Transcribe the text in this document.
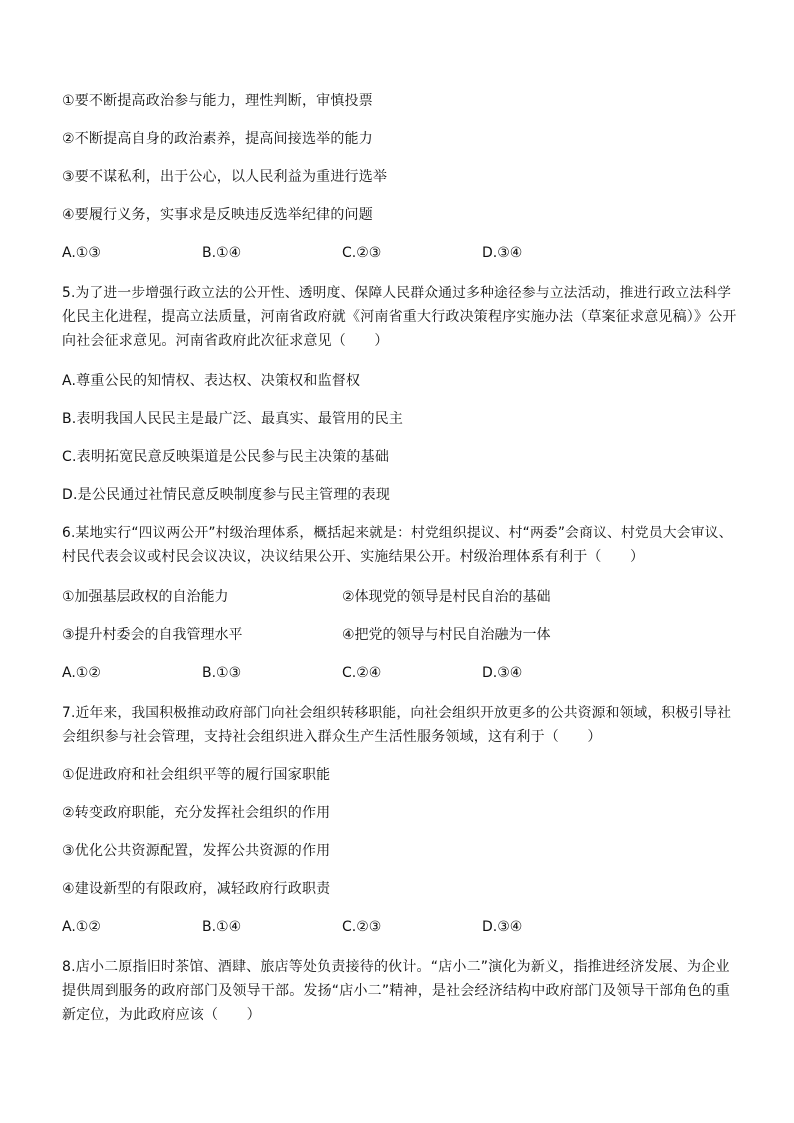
①要不断提高政治参与能力，理性判断，审慎投票
②不断提高自身的政治素养，提高间接选举的能力
③要不谋私利，出于公心，以人民利益为重进行选举
④要履行义务，实事求是反映违反选举纪律的问题
A.①③	B.①④	C.②③	D.③④
5.为了进一步增强行政立法的公开性、透明度、保障人民群众通过多种途径参与立法活动，推进行政立法科学
化民主化进程，提高立法质量，河南省政府就《河南省重大行政决策程序实施办法（草案征求意见稿）》公开
向社会征求意见。河南省政府此次征求意见（　　）
A.尊重公民的知情权、表达权、决策权和监督权
B.表明我国人民民主是最广泛、最真实、最管用的民主
C.表明拓宽民意反映渠道是公民参与民主决策的基础
D.是公民通过社情民意反映制度参与民主管理的表现
6.某地实行“四议两公开”村级治理体系，概括起来就是：村党组织提议、村“两委”会商议、村党员大会审议、
村民代表会议或村民会议决议，决议结果公开、实施结果公开。村级治理体系有利于（　　）
①加强基层政权的自治能力	②体现党的领导是村民自治的基础
③提升村委会的自我管理水平	④把党的领导与村民自治融为一体
A.①②	B.①③	C.②④	D.③④
7.近年来，我国积极推动政府部门向社会组织转移职能，向社会组织开放更多的公共资源和领域，积极引导社
会组织参与社会管理，支持社会组织进入群众生产生活性服务领域，这有利于（　　）
①促进政府和社会组织平等的履行国家职能
②转变政府职能，充分发挥社会组织的作用
③优化公共资源配置，发挥公共资源的作用
④建设新型的有限政府，减轻政府行政职责
A.①②	B.①④	C.②③	D.③④
8.店小二原指旧时茶馆、酒肆、旅店等处负责接待的伙计。“店小二”演化为新义，指推进经济发展、为企业
提供周到服务的政府部门及领导干部。发扬“店小二”精神，是社会经济结构中政府部门及领导干部角色的重
新定位，为此政府应该（　　）
